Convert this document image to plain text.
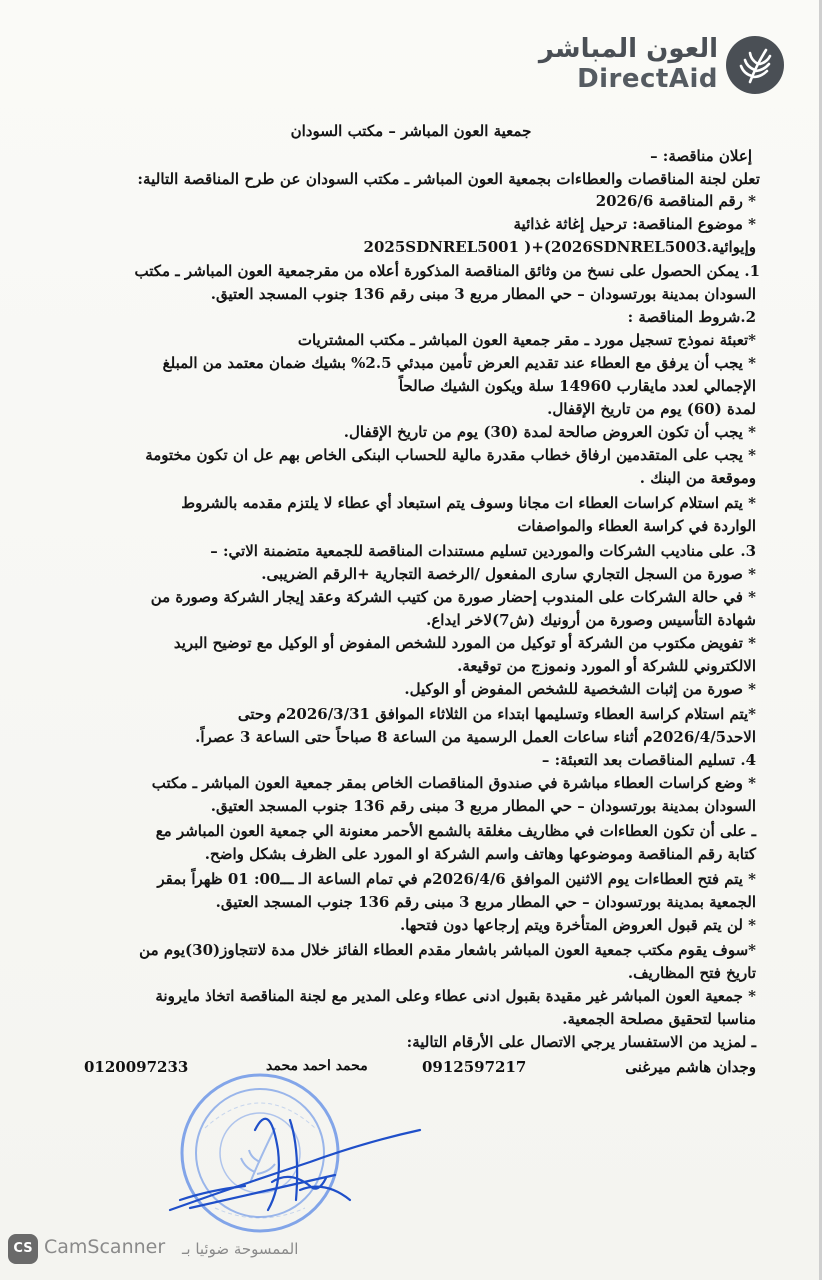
العون المباشر
DirectAid
جمعية العون المباشر – مكتب السودان
إعلان مناقصة: –
تعلن لجنة المناقصات والعطاءات بجمعية العون المباشر ـ مكتب السودان عن طرح المناقصة التالية:
* رقم المناقصة 2026/6
* موضوع المناقصة: ترحيل إغاثة غذائية
وإيوائية.2025SDNREL5001 )+(2026SDNREL5003
1. يمكن الحصول على نسخ من وثائق المناقصة المذكورة أعلاه من مقرجمعية العون المباشر ـ مكتب
السودان بمدينة بورتسودان – حي المطار مربع 3 مبنى رقم 136 جنوب المسجد العتيق.
2.شروط المناقصة :
*تعبئة نموذج تسجيل مورد ـ مقر جمعية العون المباشر ـ مكتب المشتريات
* يجب أن يرفق مع العطاء عند تقديم العرض تأمين مبدئي 2.5% بشيك ضمان معتمد من المبلغ
الإجمالي لعدد مايقارب 14960 سلة ويكون الشيك صالحاً
لمدة (60) يوم من تاريخ الإقفال.
* يجب أن تكون العروض صالحة لمدة (30) يوم من تاريخ الإقفال.
* يجب على المتقدمين ارفاق خطاب مقدرة مالية للحساب البنكى الخاص بهم عل ان تكون مختومة
وموقعة من البنك .
* يتم استلام كراسات العطاء ات مجانا وسوف يتم استبعاد أي عطاء لا يلتزم مقدمه بالشروط
الواردة في كراسة العطاء والمواصفات
3. على مناديب الشركات والموردين تسليم مستندات المناقصة للجمعية متضمنة الاتي: –
* صورة من السجل التجاري سارى المفعول /الرخصة التجارية +الرقم الضريبى.
* في حالة الشركات على المندوب إحضار صورة من كتيب الشركة وعقد إيجار الشركة وصورة من
شهادة التأسيس وصورة من أرونيك (ش7)لاخر ايداع.
* تفويض مكتوب من الشركة أو توكيل من المورد للشخص المفوض أو الوكيل مع توضيح البريد
الالكتروني للشركة أو المورد ونموزج من توقيعة.
* صورة من إثبات الشخصية للشخص المفوض أو الوكيل.
*يتم استلام كراسة العطاء وتسليمها ابتداء من الثلاثاء الموافق 2026/3/31م وحتى
الاحد2026/4/5م أثناء ساعات العمل الرسمية من الساعة 8 صباحاً حتى الساعة 3 عصراً.
4. تسليم المناقصات بعد التعبئة: –
* وضع كراسات العطاء مباشرة في صندوق المناقصات الخاص بمقر جمعية العون المباشر ـ مكتب
السودان بمدينة بورتسودان – حي المطار مربع 3 مبنى رقم 136 جنوب المسجد العتيق.
ـ على أن تكون العطاءات في مظاريف مغلقة بالشمع الأحمر معنونة الي جمعية العون المباشر مع
كتابة رقم المناقصة وموضوعها وهاتف واسم الشركة او المورد على الظرف بشكل واضح.
* يتم فتح العطاءات يوم الاثنين الموافق 2026/4/6م في تمام الساعة الـ ـــ00: 01 ظهراً بمقر
الجمعية بمدينة بورتسودان – حي المطار مربع 3 مبنى رقم 136 جنوب المسجد العتيق.
* لن يتم قبول العروض المتأخرة ويتم إرجاعها دون فتحها.
*سوف يقوم مكتب جمعية العون المباشر باشعار مقدم العطاء الفائز خلال مدة لاتتجاوز(30)يوم من
تاريخ فتح المظاريف.
* جمعية العون المباشر غير مقيدة بقبول ادنى عطاء وعلى المدير مع لجنة المناقصة اتخاذ مايرونة
مناسبا لتحقيق مصلحة الجمعية.
ـ لمزيد من الاستفسار يرجي الاتصال على الأرقام التالية:
وجدان هاشم ميرغنى
0912597217
محمد احمد محمد
0120097233
CS CamScanner الممسوحة ضوئيا بـ
